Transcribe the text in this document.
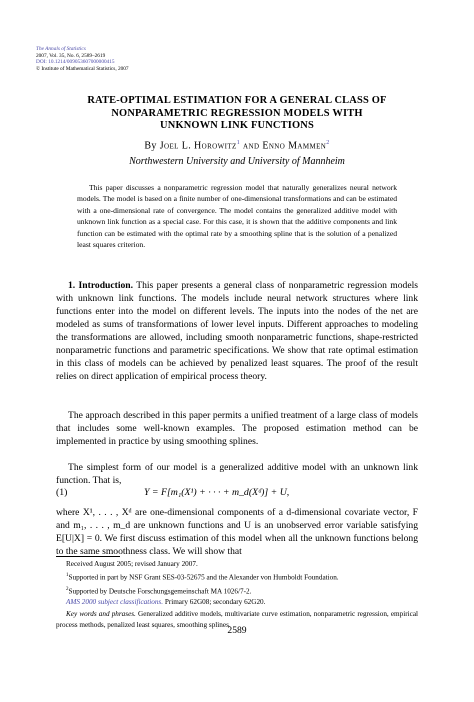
The Annals of Statistics
2007, Vol. 35, No. 6, 2589–2619
DOI: 10.1214/009053607000000415
© Institute of Mathematical Statistics, 2007
RATE-OPTIMAL ESTIMATION FOR A GENERAL CLASS OF
NONPARAMETRIC REGRESSION MODELS WITH
UNKNOWN LINK FUNCTIONS
By Joel L. Horowitz$^1$ and Enno Mammen$^2$
Northwestern University and University of Mannheim
This paper discusses a nonparametric regression model that naturally generalizes neural network models. The model is based on a finite number of one-dimensional transformations and can be estimated with a one-dimensional rate of convergence. The model contains the generalized additive model with unknown link function as a special case. For this case, it is shown that the additive components and link function can be estimated with the optimal rate by a smoothing spline that is the solution of a penalized least squares criterion.

1. Introduction. This paper presents a general class of nonparametric regression models with unknown link functions. The models include neural network structures where link functions enter into the model on different levels. The inputs into the nodes of the net are modeled as sums of transformations of lower level inputs. Different approaches to modeling the transformations are allowed, including smooth nonparametric functions, shape-restricted nonparametric functions and parametric specifications. We show that rate optimal estimation in this class of models can be achieved by penalized least squares. The proof of the result relies on direct application of empirical process theory.

The approach described in this paper permits a unified treatment of a large class of models that includes some well-known examples. The proposed estimation method can be implemented in practice by using smoothing splines.

The simplest form of our model is a generalized additive model with an unknown link function. That is,

(1)	Y = F[m₁(X¹) + · · · + m_d(Xᵈ)] + U,

where X¹, . . . , Xᵈ are one-dimensional components of a d-dimensional covariate vector, F and m₁, . . . , m_d are unknown functions and U is an unobserved error variable satisfying E[U|X] = 0. We first discuss estimation of this model when all the unknown functions belong to the same smoothness class. We will show that

Received August 2005; revised January 2007.
$^1$Supported in part by NSF Grant SES-03-52675 and the Alexander von Humboldt Foundation.
$^2$Supported by Deutsche Forschungsgemeinschaft MA 1026/7-2.
AMS 2000 subject classifications. Primary 62G08; secondary 62G20.
Key words and phrases. Generalized additive models, multivariate curve estimation, nonparametric regression, empirical process methods, penalized least squares, smoothing splines.
2589
